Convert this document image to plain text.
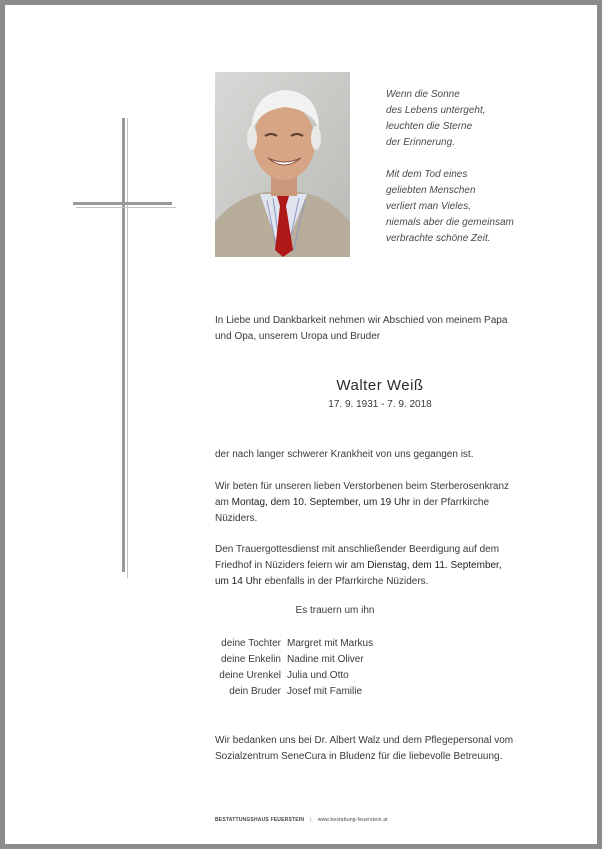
Wenn die Sonne
des Lebens untergeht,
leuchten die Sterne
der Erinnerung.
Mit dem Tod eines
geliebten Menschen
verliert man Vieles,
niemals aber die gemeinsam
verbrachte schöne Zeit.
In Liebe und Dankbarkeit nehmen wir Abschied von meinem Papa
und Opa, unserem Uropa und Bruder
Walter Weiß
17. 9. 1931 - 7. 9. 2018
der nach langer schwerer Krankheit von uns gegangen ist.
Wir beten für unseren lieben Verstorbenen beim Sterberosenkranz
am Montag, dem 10. September, um 19 Uhr in der Pfarrkirche
Nüziders.
Den Trauergottesdienst mit anschließender Beerdigung auf dem
Friedhof in Nüziders feiern wir am Dienstag, dem 11. September,
um 14 Uhr ebenfalls in der Pfarrkirche Nüziders.
Es trauern um ihn
deine Tochter Margret mit Markus
deine Enkelin Nadine mit Oliver
deine Urenkel Julia und Otto
dein Bruder Josef mit Familie
Wir bedanken uns bei Dr. Albert Walz und dem Pflegepersonal vom
Sozialzentrum SeneCura in Bludenz für die liebevolle Betreuung.
BESTATTUNGSHAUS FEUERSTEIN | www.bestattung-feuerstein.at
